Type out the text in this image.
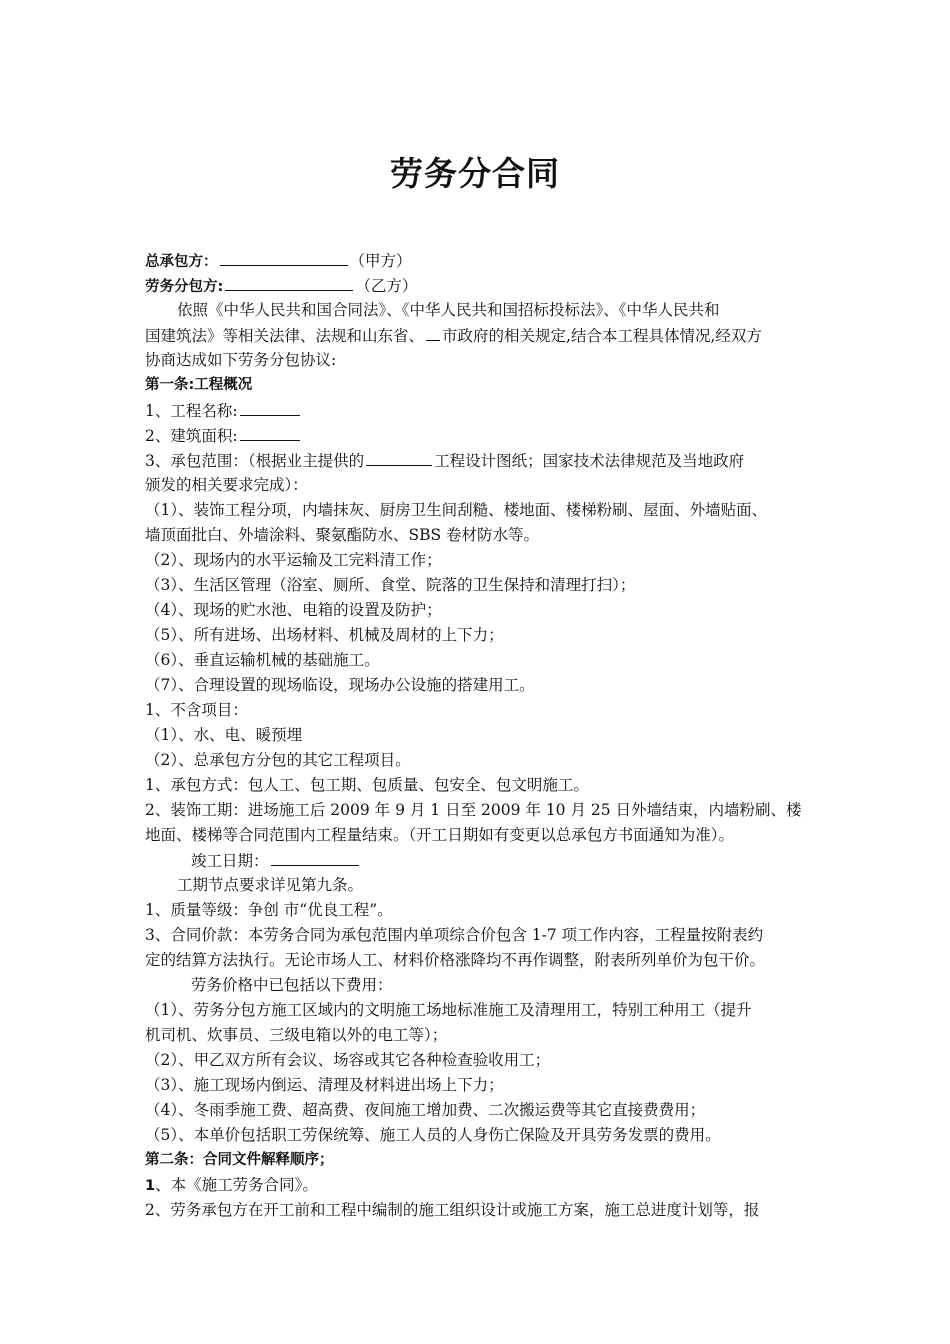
劳务分合同
总承包方：	（甲方）
劳务分包方:	（乙方）
依照《中华人民共和国合同法》、《中华人民共和国招标投标法》、《中华人民共和
国建筑法》等相关法律、法规和山东省、 市政府的相关规定,结合本工程具体情况,经双方
协商达成如下劳务分包协议:
第一条:工程概况
1、工程名称:
2、建筑面积:
3、承包范围：（根据业主提供的	工程设计图纸；国家技术法律规范及当地政府
颁发的相关要求完成）：
（1）、装饰工程分项，内墙抹灰、厨房卫生间刮糙、楼地面、楼梯粉刷、屋面、外墙贴面、
墙顶面批白、外墙涂料、聚氨酯防水、SBS 卷材防水等。
（2）、现场内的水平运输及工完料清工作；
（3）、生活区管理（浴室、厕所、食堂、院落的卫生保持和清理打扫）；
（4）、现场的贮水池、电箱的设置及防护；
（5）、所有进场、出场材料、机械及周材的上下力；
（6）、垂直运输机械的基础施工。
（7）、合理设置的现场临设，现场办公设施的搭建用工。
1、不含项目：
（1）、水、电、暖预埋
（2）、总承包方分包的其它工程项目。
1、承包方式：包人工、包工期、包质量、包安全、包文明施工。
2、装饰工期：进场施工后 2009 年 9 月 1 日至 2009 年 10 月 25 日外墙结束，内墙粉刷、楼
地面、楼梯等合同范围内工程量结束。（开工日期如有变更以总承包方书面通知为准）。
竣工日期：
工期节点要求详见第九条。
1、质量等级：争创 市“优良工程”。
3、合同价款：本劳务合同为承包范围内单项综合价包含 1-7 项工作内容，工程量按附表约
定的结算方法执行。无论市场人工、材料价格涨降均不再作调整，附表所列单价为包干价。
劳务价格中已包括以下费用：
（1）、劳务分包方施工区域内的文明施工场地标准施工及清理用工，特别工种用工（提升
机司机、炊事员、三级电箱以外的电工等）；
（2）、甲乙双方所有会议、场容或其它各种检查验收用工；
（3）、施工现场内倒运、清理及材料进出场上下力；
（4）、冬雨季施工费、超高费、夜间施工增加费、二次搬运费等其它直接费费用；
（5）、本单价包括职工劳保统筹、施工人员的人身伤亡保险及开具劳务发票的费用。
第二条：合同文件解释顺序；
1、本《施工劳务合同》。
2、劳务承包方在开工前和工程中编制的施工组织设计或施工方案，施工总进度计划等，报
